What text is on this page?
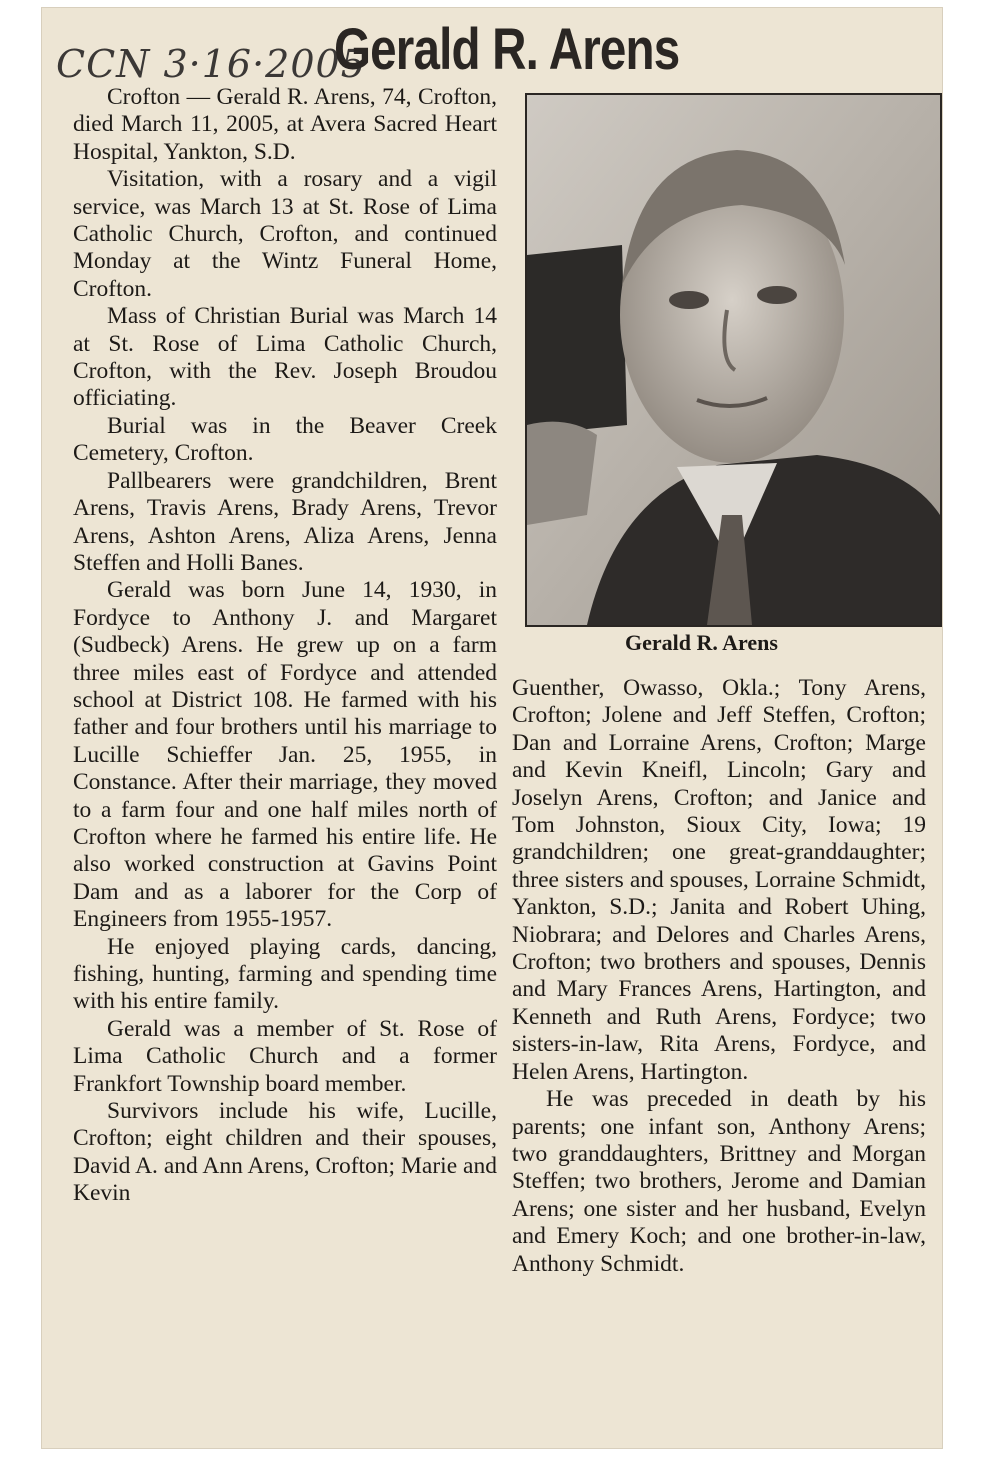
CCN 3·16·2005
Gerald R. Arens

Crofton — Gerald R. Arens, 74, Crofton, died March 11, 2005, at Avera Sacred Heart Hospital, Yankton, S.D.

Visitation, with a rosary and a vigil service, was March 13 at St. Rose of Lima Catholic Church, Crofton, and continued Monday at the Wintz Funeral Home, Crofton.

Mass of Christian Burial was March 14 at St. Rose of Lima Catholic Church, Crofton, with the Rev. Joseph Broudou officiating.

Burial was in the Beaver Creek Cemetery, Crofton.

Pallbearers were grandchildren, Brent Arens, Travis Arens, Brady Arens, Trevor Arens, Ashton Arens, Aliza Arens, Jenna Steffen and Holli Banes.

Gerald was born June 14, 1930, in Fordyce to Anthony J. and Margaret (Sudbeck) Arens. He grew up on a farm three miles east of Fordyce and attended school at District 108. He farmed with his father and four brothers until his marriage to Lucille Schieffer Jan. 25, 1955, in Constance. After their marriage, they moved to a farm four and one half miles north of Crofton where he farmed his entire life. He also worked construction at Gavins Point Dam and as a laborer for the Corp of Engineers from 1955-1957.

He enjoyed playing cards, dancing, fishing, hunting, farming and spending time with his entire family.

Gerald was a member of St. Rose of Lima Catholic Church and a former Frankfort Township board member.

Survivors include his wife, Lucille, Crofton; eight children and their spouses, David A. and Ann Arens, Crofton; Marie and Kevin

Gerald R. Arens

Guenther, Owasso, Okla.; Tony Arens, Crofton; Jolene and Jeff Steffen, Crofton; Dan and Lorraine Arens, Crofton; Marge and Kevin Kneifl, Lincoln; Gary and Joselyn Arens, Crofton; and Janice and Tom Johnston, Sioux City, Iowa; 19 grandchildren; one great-granddaughter; three sisters and spouses, Lorraine Schmidt, Yankton, S.D.; Janita and Robert Uhing, Niobrara; and Delores and Charles Arens, Crofton; two brothers and spouses, Dennis and Mary Frances Arens, Hartington, and Kenneth and Ruth Arens, Fordyce; two sisters-in-law, Rita Arens, Fordyce, and Helen Arens, Hartington.

He was preceded in death by his parents; one infant son, Anthony Arens; two granddaughters, Brittney and Morgan Steffen; two brothers, Jerome and Damian Arens; one sister and her husband, Evelyn and Emery Koch; and one brother-in-law, Anthony Schmidt.
